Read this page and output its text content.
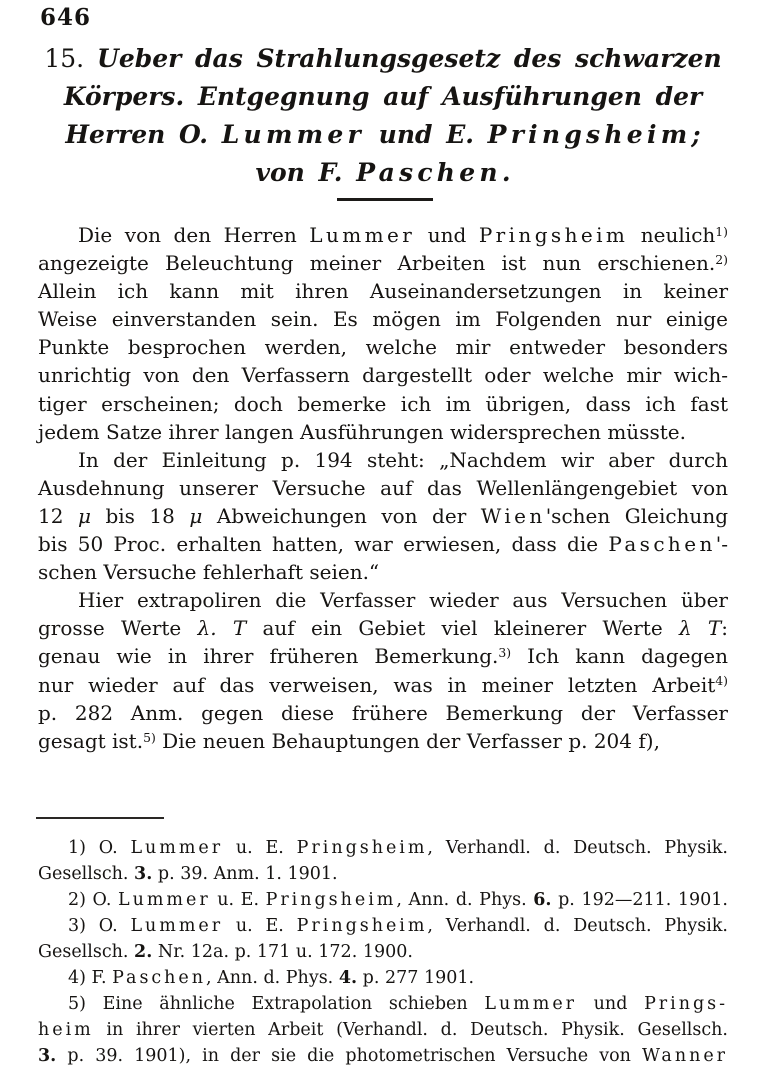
646
15. Ueber das Strahlungsgesetz des schwarzen
Körpers. Entgegnung auf Ausführungen der
Herren O. Lummer und E. Pringsheim;
von F. Paschen.
Die von den Herren Lummer und Pringsheim neulich$^{1)}$
angezeigte Beleuchtung meiner Arbeiten ist nun erschienen.$^{2)}$
Allein ich kann mit ihren Auseinandersetzungen in keiner
Weise einverstanden sein. Es mögen im Folgenden nur einige
Punkte besprochen werden, welche mir entweder besonders
unrichtig von den Verfassern dargestellt oder welche mir wich-
tiger erscheinen; doch bemerke ich im übrigen, dass ich fast
jedem Satze ihrer langen Ausführungen widersprechen müsste.
In der Einleitung p. 194 steht: „Nachdem wir aber durch
Ausdehnung unserer Versuche auf das Wellenlängengebiet von
12 μ bis 18 μ Abweichungen von der Wien'schen Gleichung
bis 50 Proc. erhalten hatten, war erwiesen, dass die Paschen'-
schen Versuche fehlerhaft seien.“
Hier extrapoliren die Verfasser wieder aus Versuchen über
grosse Werte λ. T auf ein Gebiet viel kleinerer Werte λ T:
genau wie in ihrer früheren Bemerkung.$^{3)}$ Ich kann dagegen
nur wieder auf das verweisen, was in meiner letzten Arbeit$^{4)}$
p. 282 Anm. gegen diese frühere Bemerkung der Verfasser
gesagt ist.$^{5)}$ Die neuen Behauptungen der Verfasser p. 204 f),
1) O. Lummer u. E. Pringsheim, Verhandl. d. Deutsch. Physik.
Gesellsch. 3. p. 39. Anm. 1. 1901.
2) O. Lummer u. E. Pringsheim, Ann. d. Phys. 6. p. 192—211. 1901.
3) O. Lummer u. E. Pringsheim, Verhandl. d. Deutsch. Physik.
Gesellsch. 2. Nr. 12a. p. 171 u. 172. 1900.
4) F. Paschen, Ann. d. Phys. 4. p. 277 1901.
5) Eine ähnliche Extrapolation schieben Lummer und Prings-
heim in ihrer vierten Arbeit (Verhandl. d. Deutsch. Physik. Gesellsch.
3. p. 39. 1901), in der sie die photometrischen Versuche von Wanner
